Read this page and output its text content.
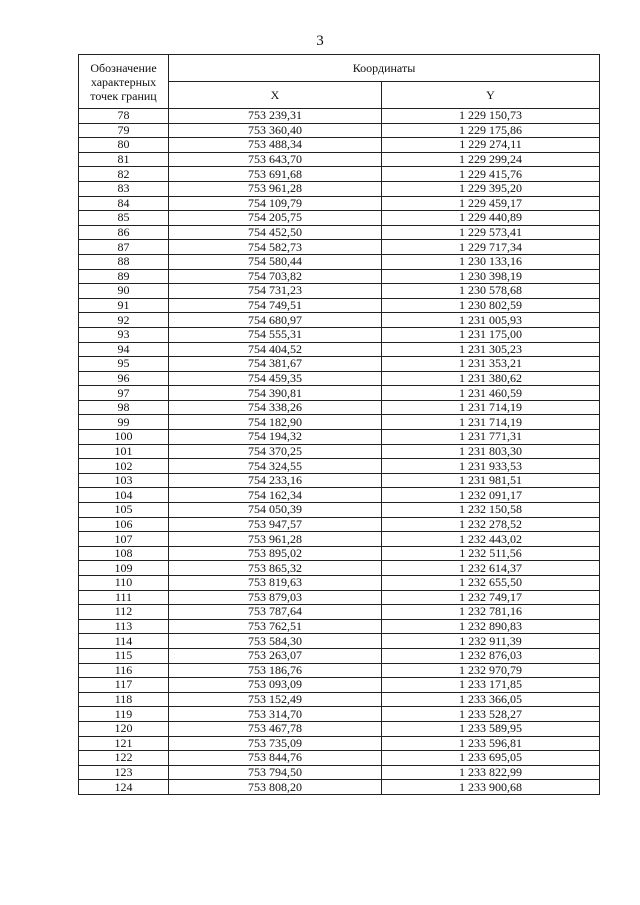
3
Обозначение характерных точек границ	Координаты	
	X	Y
78	753 239,31	1 229 150,73
79	753 360,40	1 229 175,86
80	753 488,34	1 229 274,11
81	753 643,70	1 229 299,24
82	753 691,68	1 229 415,76
83	753 961,28	1 229 395,20
84	754 109,79	1 229 459,17
85	754 205,75	1 229 440,89
86	754 452,50	1 229 573,41
87	754 582,73	1 229 717,34
88	754 580,44	1 230 133,16
89	754 703,82	1 230 398,19
90	754 731,23	1 230 578,68
91	754 749,51	1 230 802,59
92	754 680,97	1 231 005,93
93	754 555,31	1 231 175,00
94	754 404,52	1 231 305,23
95	754 381,67	1 231 353,21
96	754 459,35	1 231 380,62
97	754 390,81	1 231 460,59
98	754 338,26	1 231 714,19
99	754 182,90	1 231 714,19
100	754 194,32	1 231 771,31
101	754 370,25	1 231 803,30
102	754 324,55	1 231 933,53
103	754 233,16	1 231 981,51
104	754 162,34	1 232 091,17
105	754 050,39	1 232 150,58
106	753 947,57	1 232 278,52
107	753 961,28	1 232 443,02
108	753 895,02	1 232 511,56
109	753 865,32	1 232 614,37
110	753 819,63	1 232 655,50
111	753 879,03	1 232 749,17
112	753 787,64	1 232 781,16
113	753 762,51	1 232 890,83
114	753 584,30	1 232 911,39
115	753 263,07	1 232 876,03
116	753 186,76	1 232 970,79
117	753 093,09	1 233 171,85
118	753 152,49	1 233 366,05
119	753 314,70	1 233 528,27
120	753 467,78	1 233 589,95
121	753 735,09	1 233 596,81
122	753 844,76	1 233 695,05
123	753 794,50	1 233 822,99
124	753 808,20	1 233 900,68
